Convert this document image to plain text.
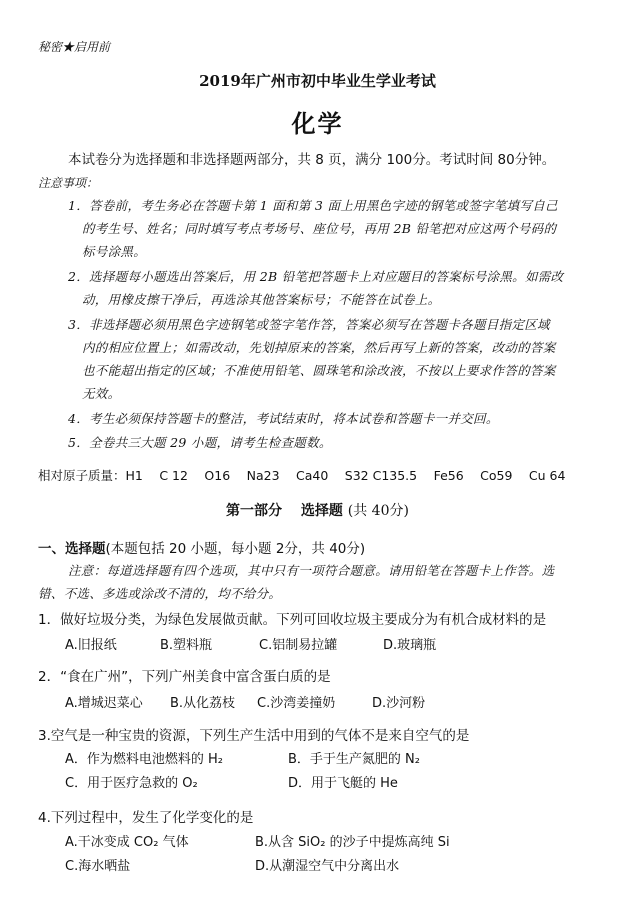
秘密★启用前
2019年广州市初中毕业生学业考试
化学
本试卷分为选择题和非选择题两部分，共 8 页，满分 100分。考试时间 80分钟。
注意事项：
1．答卷前，考生务必在答题卡第 1 面和第 3 面上用黑色字迹的钢笔或签字笔填写自己
的考生号、姓名；同时填写考点考场号、座位号，再用 2B 铅笔把对应这两个号码的
标号涂黑。
2．选择题每小题选出答案后，用 2B 铅笔把答题卡上对应题目的答案标号涂黑。如需改
动，用橡皮擦干净后，再选涂其他答案标号；不能答在试卷上。
3．非选择题必须用黑色字迹钢笔或签字笔作答，答案必须写在答题卡各题目指定区域
内的相应位置上；如需改动，先划掉原来的答案，然后再写上新的答案，改动的答案
也不能超出指定的区域；不准使用铅笔、圆珠笔和涂改液，不按以上要求作答的答案
无效。
4．考生必须保持答题卡的整洁，考试结束时，将本试卷和答题卡一并交回。
5．全卷共三大题 29 小题，请考生检查题数。
相对原子质量：H1　 C 12　 O16　 Na23　 Ca40　 S32 C135.5　 Fe56　 Co59　 Cu 64
第一部分　 选择题 (共 40分)
一、选择题(本题包括 20 小题，每小题 2分，共 40分)
注意：每道选择题有四个选项，其中只有一项符合题意。请用铅笔在答题卡上作答。选
错、不选、多选或涂改不清的，均不给分。
1．做好垃圾分类，为绿色发展做贡献。下列可回收垃圾主要成分为有机合成材料的是
A.旧报纸	B.塑料瓶	C.铝制易拉罐	D.玻璃瓶
2．“食在广州”，下列广州美食中富含蛋白质的是
A.增城迟菜心 B.从化荔枝 C.沙湾姜撞奶	D.沙河粉
3.空气是一种宝贵的资源，下列生产生活中用到的气体不是来自空气的是
A．作为燃料电池燃料的 H₂	B．手于生产氮肥的 N₂
C．用于医疗急救的 O₂	D．用于飞艇的 He
4.下列过程中，发生了化学变化的是
A.干冰变成 CO₂ 气体	B.从含 SiO₂ 的沙子中提炼高纯 Si
C.海水晒盐	D.从潮湿空气中分离出水
